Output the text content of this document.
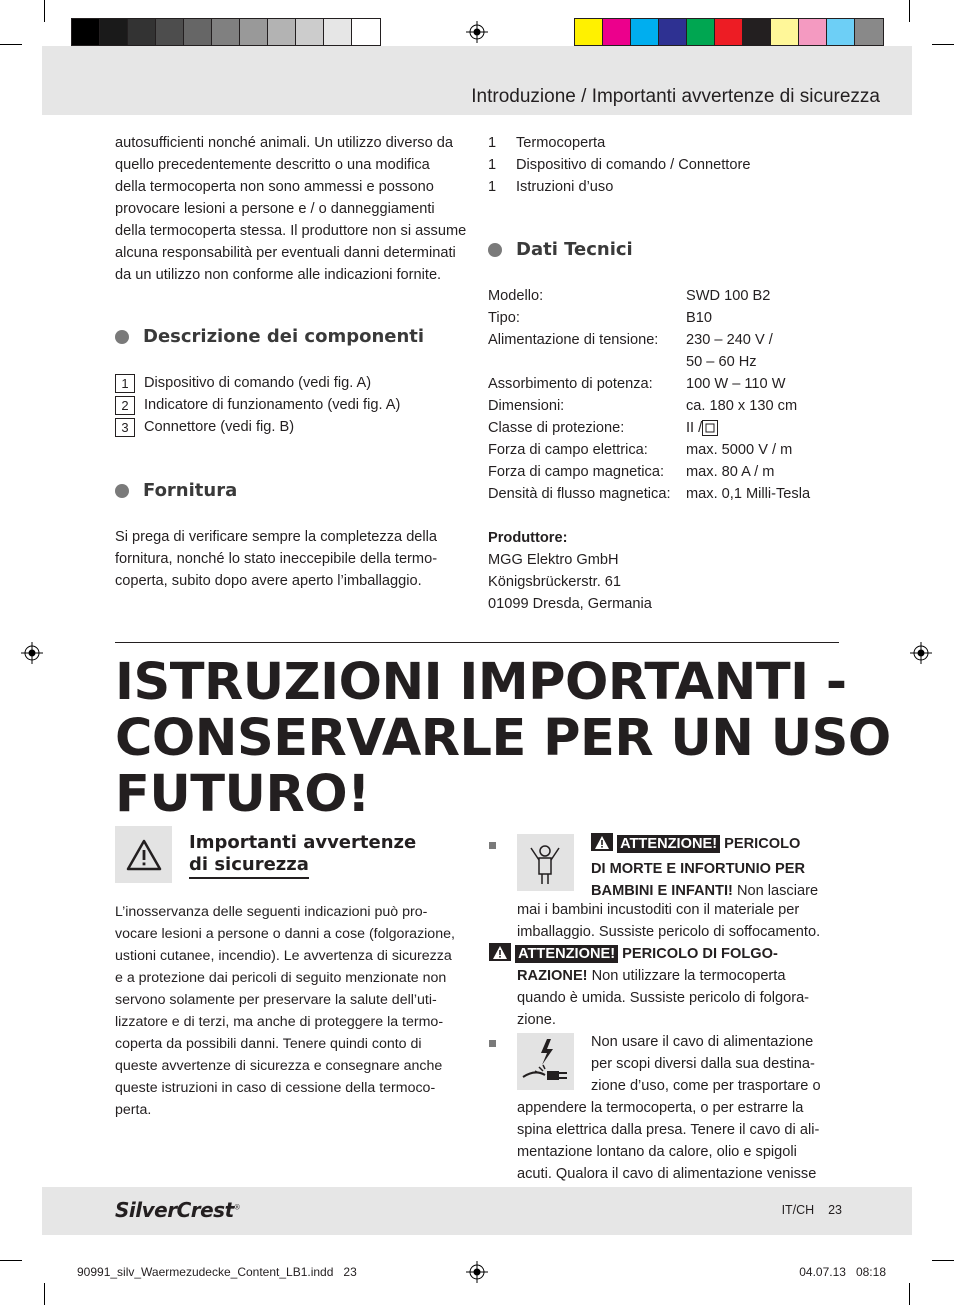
Introduzione / Importanti avvertenze di sicurezza

autosufficienti nonché animali. Un utilizzo diverso da

quello precedentemente descritto o una modifica

della termocoperta non sono ammessi e possono

provocare lesioni a persone e / o danneggiamenti

della termocoperta stessa. Il produttore non si assume

alcuna responsabilità per eventuali danni determinati

da un utilizzo non conforme alle indicazioni fornite.

Descrizione dei componenti
1	Dispositivo di comando (vedi fig. A)
2	Indicatore di funzionamento (vedi fig. A)
3	Connettore (vedi fig. B)
Fornitura

Si prega di verificare sempre la completezza della

fornitura, nonché lo stato ineccepibile della termo-

coperta, subito dopo avere aperto l’imballaggio.

1	Termocoperta
1	Dispositivo di comando / Connettore
1	Istruzioni d’uso
Dati Tecnici
Modello:	SWD 100 B2
Tipo:	B10
Alimentazione di tensione:	230 – 240 V /
50 – 60 Hz
Assorbimento di potenza:	100 W – 110 W
Dimensioni:	ca. 180 x 130 cm
Classe di protezione:	II /
Forza di campo elettrica:	max. 5000 V / m
Forza di campo magnetica:	max. 80 A / m
Densità di flusso magnetica:	max. 0,1 Milli-Tesla

Produttore:

MGG Elektro GmbH

Königsbrückerstr. 61

01099 Dresda, Germania

ISTRUZIONI IMPORTANTI -
CONSERVARLE PER UN USO
FUTURO!
Importanti avvertenze
di sicurezza

L’inosservanza delle seguenti indicazioni può pro-

vocare lesioni a persone o danni a cose (folgorazione,

ustioni cutanee, incendio). Le avvertenza di sicurezza

e a protezione dai pericoli di seguito menzionate non

servono solamente per preservare la salute dell’uti-

lizzatore e di terzi, ma anche di proteggere la termo-

coperta da possibili danni. Tenere quindi conto di

queste avvertenze di sicurezza e consegnare anche

queste istruzioni in caso di cessione della termoco-

perta.

ATTENZIONE! PERICOLO

DI MORTE E INFORTUNIO PER

BAMBINI E INFANTI! Non lasciare

mai i bambini incustoditi con il materiale per

imballaggio. Sussiste pericolo di soffocamento.

ATTENZIONE! PERICOLO DI FOLGO-

RAZIONE! Non utilizzare la termocoperta

quando è umida. Sussiste pericolo di folgora-

zione.

Non usare il cavo di alimentazione

per scopi diversi dalla sua destina-

zione d’uso, come per trasportare o

appendere la termocoperta, o per estrarre la

spina elettrica dalla presa. Tenere il cavo di ali-

mentazione lontano da calore, olio e spigoli

acuti. Qualora il cavo di alimentazione venisse

SilverCrest®	IT/CH    23
90991_silv_Waermezudecke_Content_LB1.indd   23	04.07.13   08:18
